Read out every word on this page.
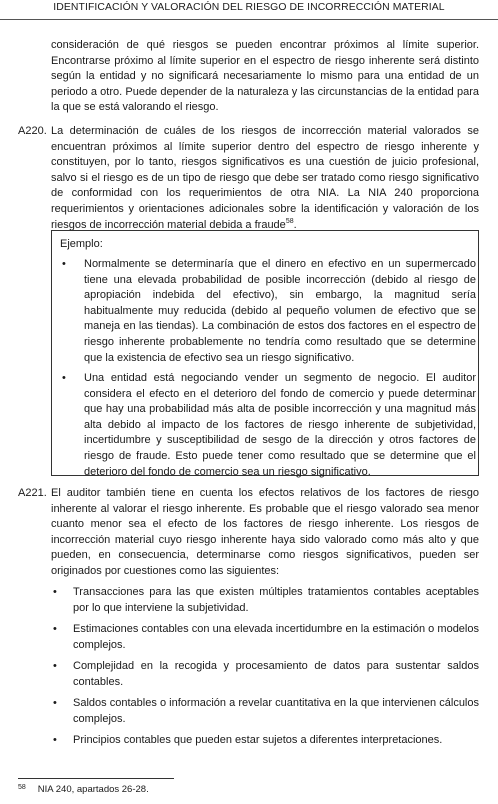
IDENTIFICACIÓN Y VALORACIÓN DEL RIESGO DE INCORRECCIÓN MATERIAL
consideración de qué riesgos se pueden encontrar próximos al límite superior. Encontrarse próximo al límite superior en el espectro de riesgo inherente será distinto según la entidad y no significará necesariamente lo mismo para una entidad de un periodo a otro. Puede depender de la naturaleza y las circunstancias de la entidad para la que se está valorando el riesgo.
A220. La determinación de cuáles de los riesgos de incorrección material valorados se encuentran próximos al límite superior dentro del espectro de riesgo inherente y constituyen, por lo tanto, riesgos significativos es una cuestión de juicio profesional, salvo si el riesgo es de un tipo de riesgo que debe ser tratado como riesgo significativo de conformidad con los requerimientos de otra NIA. La NIA 240 proporciona requerimientos y orientaciones adicionales sobre la identificación y valoración de los riesgos de incorrección material debida a fraude$^{58}$.
Ejemplo:
• Normalmente se determinaría que el dinero en efectivo en un supermercado tiene una elevada probabilidad de posible incorrección (debido al riesgo de apropiación indebida del efectivo), sin embargo, la magnitud sería habitualmente muy reducida (debido al pequeño volumen de efectivo que se maneja en las tiendas). La combinación de estos dos factores en el espectro de riesgo inherente probablemente no tendría como resultado que se determine que la existencia de efectivo sea un riesgo significativo.
• Una entidad está negociando vender un segmento de negocio. El auditor considera el efecto en el deterioro del fondo de comercio y puede determinar que hay una probabilidad más alta de posible incorrección y una magnitud más alta debido al impacto de los factores de riesgo inherente de subjetividad, incertidumbre y susceptibilidad de sesgo de la dirección y otros factores de riesgo de fraude. Esto puede tener como resultado que se determine que el deterioro del fondo de comercio sea un riesgo significativo.
A221. El auditor también tiene en cuenta los efectos relativos de los factores de riesgo inherente al valorar el riesgo inherente. Es probable que el riesgo valorado sea menor cuanto menor sea el efecto de los factores de riesgo inherente. Los riesgos de incorrección material cuyo riesgo inherente haya sido valorado como más alto y que pueden, en consecuencia, determinarse como riesgos significativos, pueden ser originados por cuestiones como las siguientes:
• Transacciones para las que existen múltiples tratamientos contables aceptables por lo que interviene la subjetividad.
• Estimaciones contables con una elevada incertidumbre en la estimación o modelos complejos.
• Complejidad en la recogida y procesamiento de datos para sustentar saldos contables.
• Saldos contables o información a revelar cuantitativa en la que intervienen cálculos complejos.
• Principios contables que pueden estar sujetos a diferentes interpretaciones.
$^{58}$ NIA 240, apartados 26-28.
